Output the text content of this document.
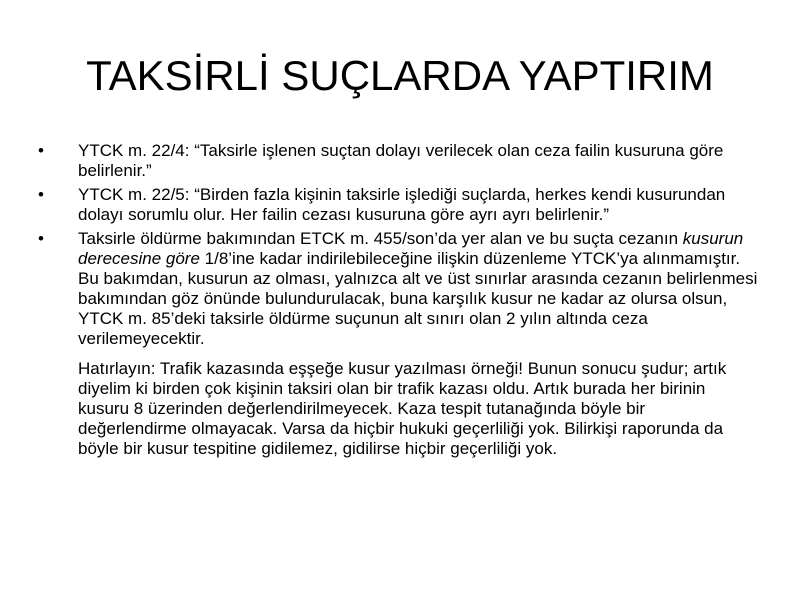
TAKSİRLİ SUÇLARDA YAPTIRIM
•	YTCK m. 22/4: “Taksirle işlenen suçtan dolayı verilecek olan ceza failin kusuruna göre belirlenir.”
•	YTCK m. 22/5: “Birden fazla kişinin taksirle işlediği suçlarda, herkes kendi kusurundan dolayı sorumlu olur. Her failin cezası kusuruna göre ayrı ayrı belirlenir.”
•	Taksirle öldürme bakımından ETCK m. 455/son’da yer alan ve bu suçta cezanın kusurun derecesine göre 1/8’ine kadar indirilebileceğine ilişkin düzenleme YTCK’ya alınmamıştır. Bu bakımdan, kusurun az olması, yalnızca alt ve üst sınırlar arasında cezanın belirlenmesi bakımından göz önünde bulundurulacak, buna karşılık kusur ne kadar az olursa olsun, YTCK m. 85’deki taksirle öldürme suçunun alt sınırı olan 2 yılın altında ceza verilemeyecektir.
Hatırlayın: Trafik kazasında eşşeğe kusur yazılması örneği! Bunun sonucu şudur; artık diyelim ki birden çok kişinin taksiri olan bir trafik kazası oldu. Artık burada her birinin kusuru 8 üzerinden değerlendirilmeyecek. Kaza tespit tutanağında böyle bir değerlendirme olmayacak. Varsa da hiçbir hukuki geçerliliği yok. Bilirkişi raporunda da böyle bir kusur tespitine gidilemez, gidilirse hiçbir geçerliliği yok.
